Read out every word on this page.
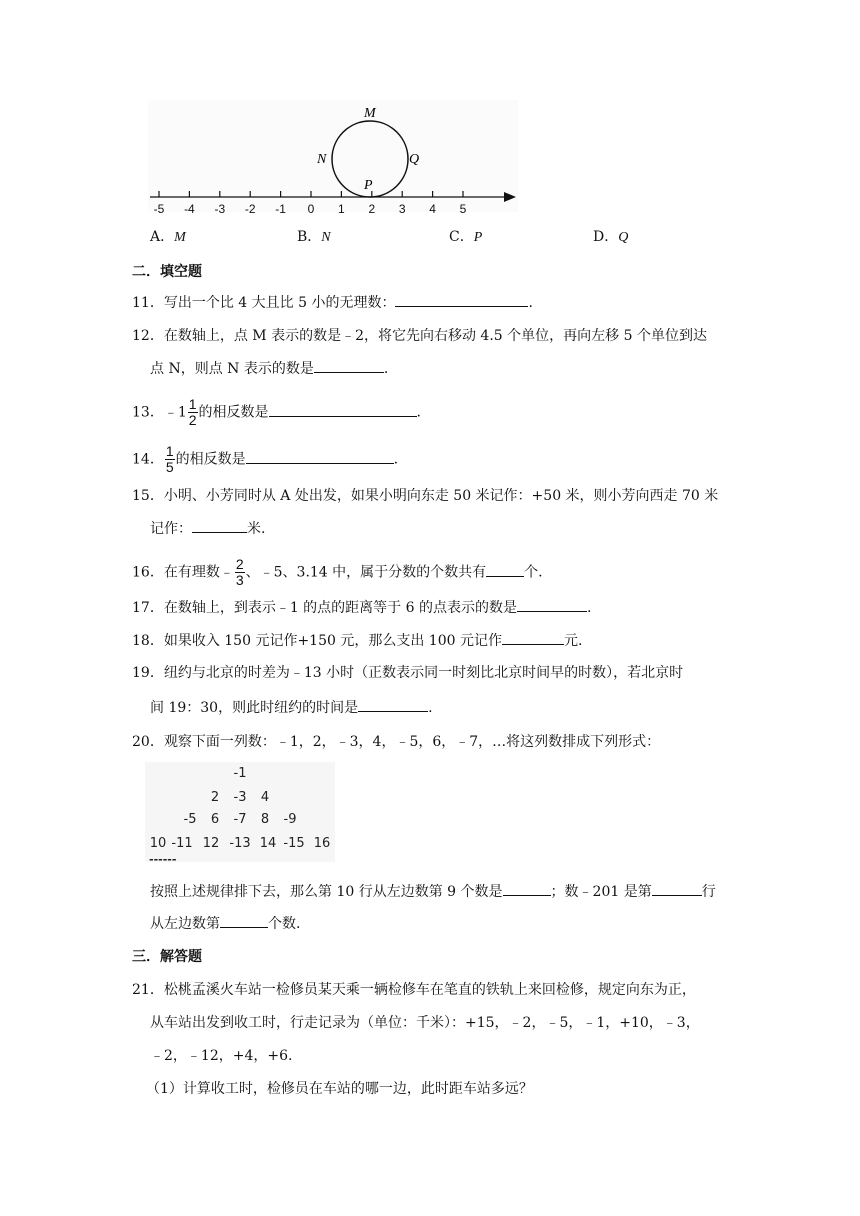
-5 -4 -3 -2 -1 0 1 2 3 4 5
M
N	Q
P
A．M	B．N	C．P	D．Q
二．填空题
11．写出一个比 4 大且比 5 小的无理数：	.
12．在数轴上，点 M 表示的数是﹣2，将它先向右移动 4.5 个单位，再向左移 5 个单位到达
点 N，则点 N 表示的数是	.
13．﹣1 $\frac{1}{2}$ 的相反数是	.
14． $\frac{1}{5}$ 的相反数是	.
15．小明、小芳同时从 A 处出发，如果小明向东走 50 米记作：+50 米，则小芳向西走 70 米
记作：	米.
16．在有理数﹣ $\frac{2}{3}$ 、﹣5、3.14 中，属于分数的个数共有	个.
17．在数轴上，到表示﹣1 的点的距离等于 6 的点表示的数是	.
18．如果收入 150 元记作+150 元，那么支出 100 元记作	元.
19．纽约与北京的时差为﹣13 小时（正数表示同一时刻比北京时间早的时数），若北京时
间 19：30，则此时纽约的时间是	.
20．观察下面一列数：﹣1，2，﹣3，4，﹣5，6，﹣7，…将这列数排成下列形式：
-1
2	-3	4
-5	6	-7	8	-9
10 -11 12 -13 14 -15 16
------
按照上述规律排下去，那么第 10 行从左边数第 9 个数是	；数﹣201 是第	行
从左边数第	个数.
三．解答题
21．松桃孟溪火车站一检修员某天乘一辆检修车在笔直的铁轨上来回检修，规定向东为正，
从车站出发到收工时，行走记录为（单位：千米）：+15，﹣2，﹣5，﹣1，+10，﹣3，
﹣2，﹣12，+4，+6.
（1）计算收工时，检修员在车站的哪一边，此时距车站多远？
